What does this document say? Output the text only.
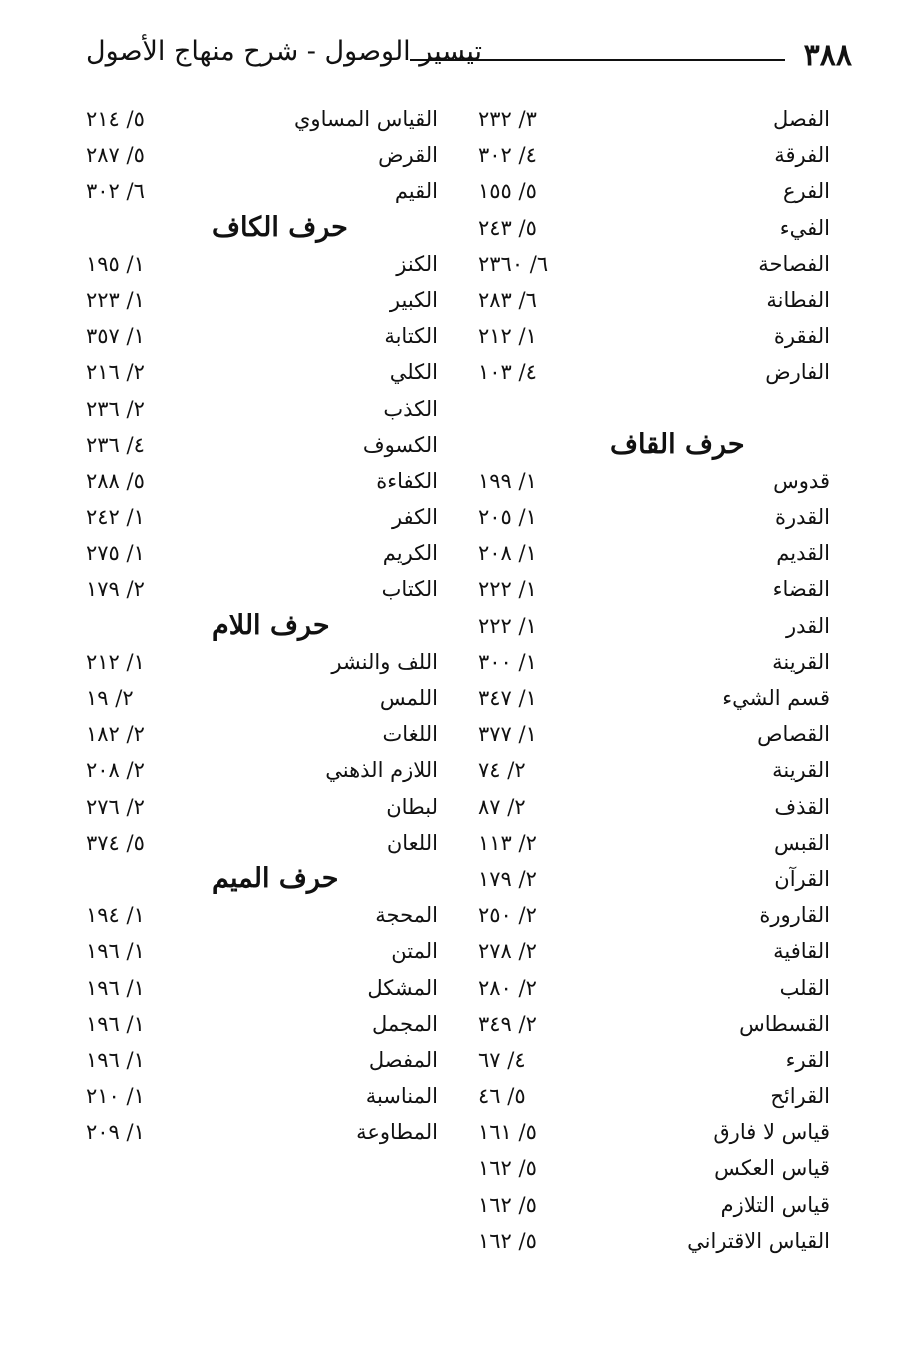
٣٨٨
تيسير الوصول - شرح منهاج الأصول
الفصل
٣/ ٢٣٢
الفرقة
٤/ ٣٠٢
الفرع
٥/ ١٥٥
الفيء
٥/ ٢٤٣
الفصاحة
٦/ ٢٣٦٠
الفطانة
٦/ ٢٨٣
الفقرة
١/ ٢١٢
الفارض
٤/ ١٠٣
حرف القاف
قدوس
١/ ١٩٩
القدرة
١/ ٢٠٥
القديم
١/ ٢٠٨
القضاء
١/ ٢٢٢
القدر
١/ ٢٢٢
القرينة
١/ ٣٠٠
قسم الشيء
١/ ٣٤٧
القصاص
١/ ٣٧٧
القرينة
٢/ ٧٤
القذف
٢/ ٨٧
القبس
٢/ ١١٣
القرآن
٢/ ١٧٩
القارورة
٢/ ٢٥٠
القافية
٢/ ٢٧٨
القلب
٢/ ٢٨٠
القسطاس
٢/ ٣٤٩
القرء
٤/ ٦٧
القرائح
٥/ ٤٦
قياس لا فارق
٥/ ١٦١
قياس العكس
٥/ ١٦٢
قياس التلازم
٥/ ١٦٢
القياس الاقتراني
٥/ ١٦٢
القياس المساوي
٥/ ٢١٤
القرض
٥/ ٢٨٧
القيم
٦/ ٣٠٢
حرف الكاف
الكنز
١/ ١٩٥
الكبير
١/ ٢٢٣
الكتابة
١/ ٣٥٧
الكلي
٢/ ٢١٦
الكذب
٢/ ٢٣٦
الكسوف
٤/ ٢٣٦
الكفاءة
٥/ ٢٨٨
الكفر
١/ ٢٤٢
الكريم
١/ ٢٧٥
الكتاب
٢/ ١٧٩
حرف اللام
اللف والنشر
١/ ٢١٢
اللمس
٢/ ١٩
اللغات
٢/ ١٨٢
اللازم الذهني
٢/ ٢٠٨
لبطان
٢/ ٢٧٦
اللعان
٥/ ٣٧٤
حرف الميم
المحجة
١/ ١٩٤
المتن
١/ ١٩٦
المشكل
١/ ١٩٦
المجمل
١/ ١٩٦
المفصل
١/ ١٩٦
المناسبة
١/ ٢١٠
المطاوعة
١/ ٢٠٩
